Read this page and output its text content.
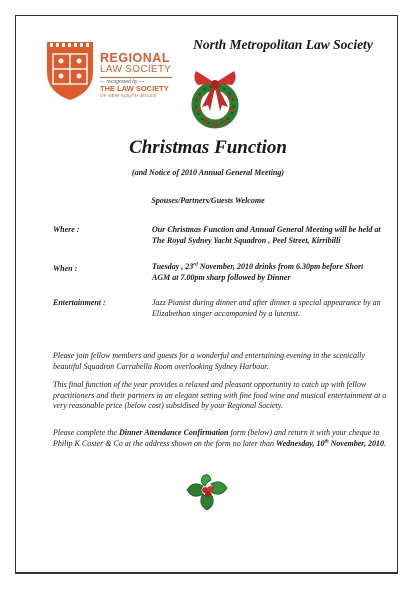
REGIONAL
LAW SOCIETY
— recognised by —
THE LAW SOCIETY
OF NEW SOUTH WALES
North Metropolitan Law Society
Christmas Function
(and Notice of 2010 Annual General Meeting)
Spouses/Partners/Guests Welcome
Where :	Our Christmas Function and Annual General Meeting will be held at The Royal Sydney Yacht Squadron , Peel Street, Kirribilli
When :	Tuesday , 23rd November, 2010 drinks from 6.30pm before Short AGM at 7.00pm sharp followed by Dinner
Entertainment :	Jazz Pianist during dinner and after dinner a special appearance by an Elizabethan singer accompanied by a lutenist.
Please join fellow members and guests for a wonderful and entertaining evening in the scenically beautiful Squadron Carrabella Room overlooking Sydney Harbour.
This final function of the year provides a relaxed and pleasant opportunity to catch up with fellow practitioners and their partners in an elegant setting with fine food wine and musical entertainment at a very reasonable price (below cost) subsidised by your Regional Society.
Please complete the Dinner Attendance Confirmation form (below) and return it with your cheque to Philip K Coster & Co at the address shown on the form no later than Wednesday, 10th November, 2010.
